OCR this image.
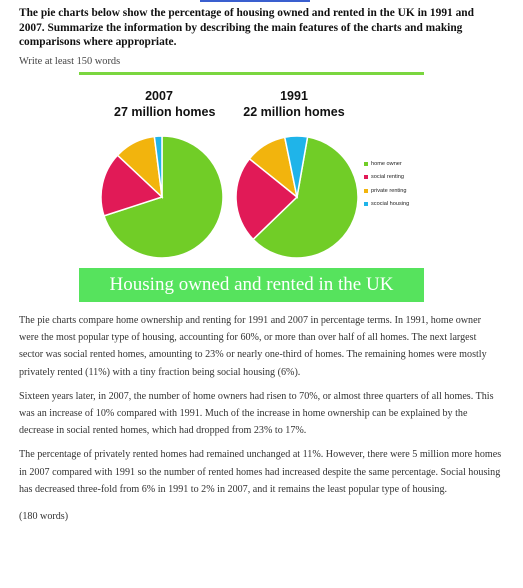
The pie charts below show the percentage of housing owned and rented in the UK in 1991 and 2007. Summarize the information by describing the main features of the charts and making comparisons where appropriate.
Write at least 150 words
2007
27 million homes
1991
22 million homes
home owner
social renting
private renting
scocial housing
Housing owned and rented in the UK

The pie charts compare home ownership and renting for 1991 and 2007 in percentage terms. In 1991, home owner were the most popular type of housing, accounting for 60%, or more than over half of all homes. The next largest sector was social rented homes, amounting to 23% or nearly one-third of homes. The remaining homes were mostly privately rented (11%) with a tiny fraction being social housing (6%).

Sixteen years later, in 2007, the number of home owners had risen to 70%, or almost three quarters of all homes. This was an increase of 10% compared with 1991. Much of the increase in home ownership can be explained by the decrease in social rented homes, which had dropped from 23% to 17%.

The percentage of privately rented homes had remained unchanged at 11%. However, there were 5 million more homes in 2007 compared with 1991 so the number of rented homes had increased despite the same percentage. Social housing has decreased three-fold from 6% in 1991 to 2% in 2007, and it remains the least popular type of housing.

(180 words)
